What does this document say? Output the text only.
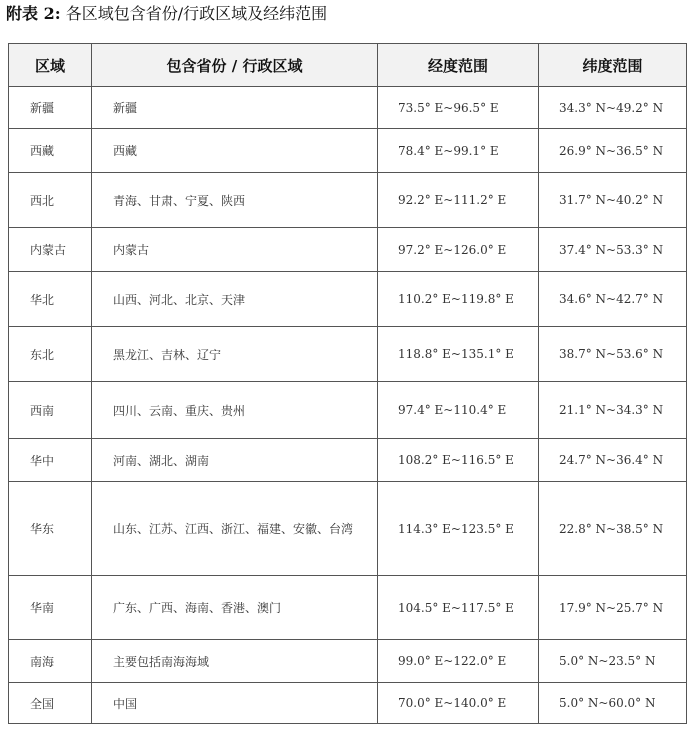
附表 2: 各区域包含省份/行政区域及经纬范围
区域	包含省份 / 行政区域	经度范围	纬度范围
新疆	新疆	73.5° E~96.5° E	34.3° N~49.2° N
西藏	西藏	78.4° E~99.1° E	26.9° N~36.5° N
西北	青海、甘肃、宁夏、陕西	92.2° E~111.2° E	31.7° N~40.2° N
内蒙古	内蒙古	97.2° E~126.0° E	37.4° N~53.3° N
华北	山西、河北、北京、天津	110.2° E~119.8° E	34.6° N~42.7° N
东北	黑龙江、吉林、辽宁	118.8° E~135.1° E	38.7° N~53.6° N
西南	四川、云南、重庆、贵州	97.4° E~110.4° E	21.1° N~34.3° N
华中	河南、湖北、湖南	108.2° E~116.5° E	24.7° N~36.4° N
华东	山东、江苏、江西、浙江、福建、安徽、台湾	114.3° E~123.5° E	22.8° N~38.5° N
华南	广东、广西、海南、香港、澳门	104.5° E~117.5° E	17.9° N~25.7° N
南海	主要包括南海海域	99.0° E~122.0° E	5.0° N~23.5° N
全国	中国	70.0° E~140.0° E	5.0° N~60.0° N
